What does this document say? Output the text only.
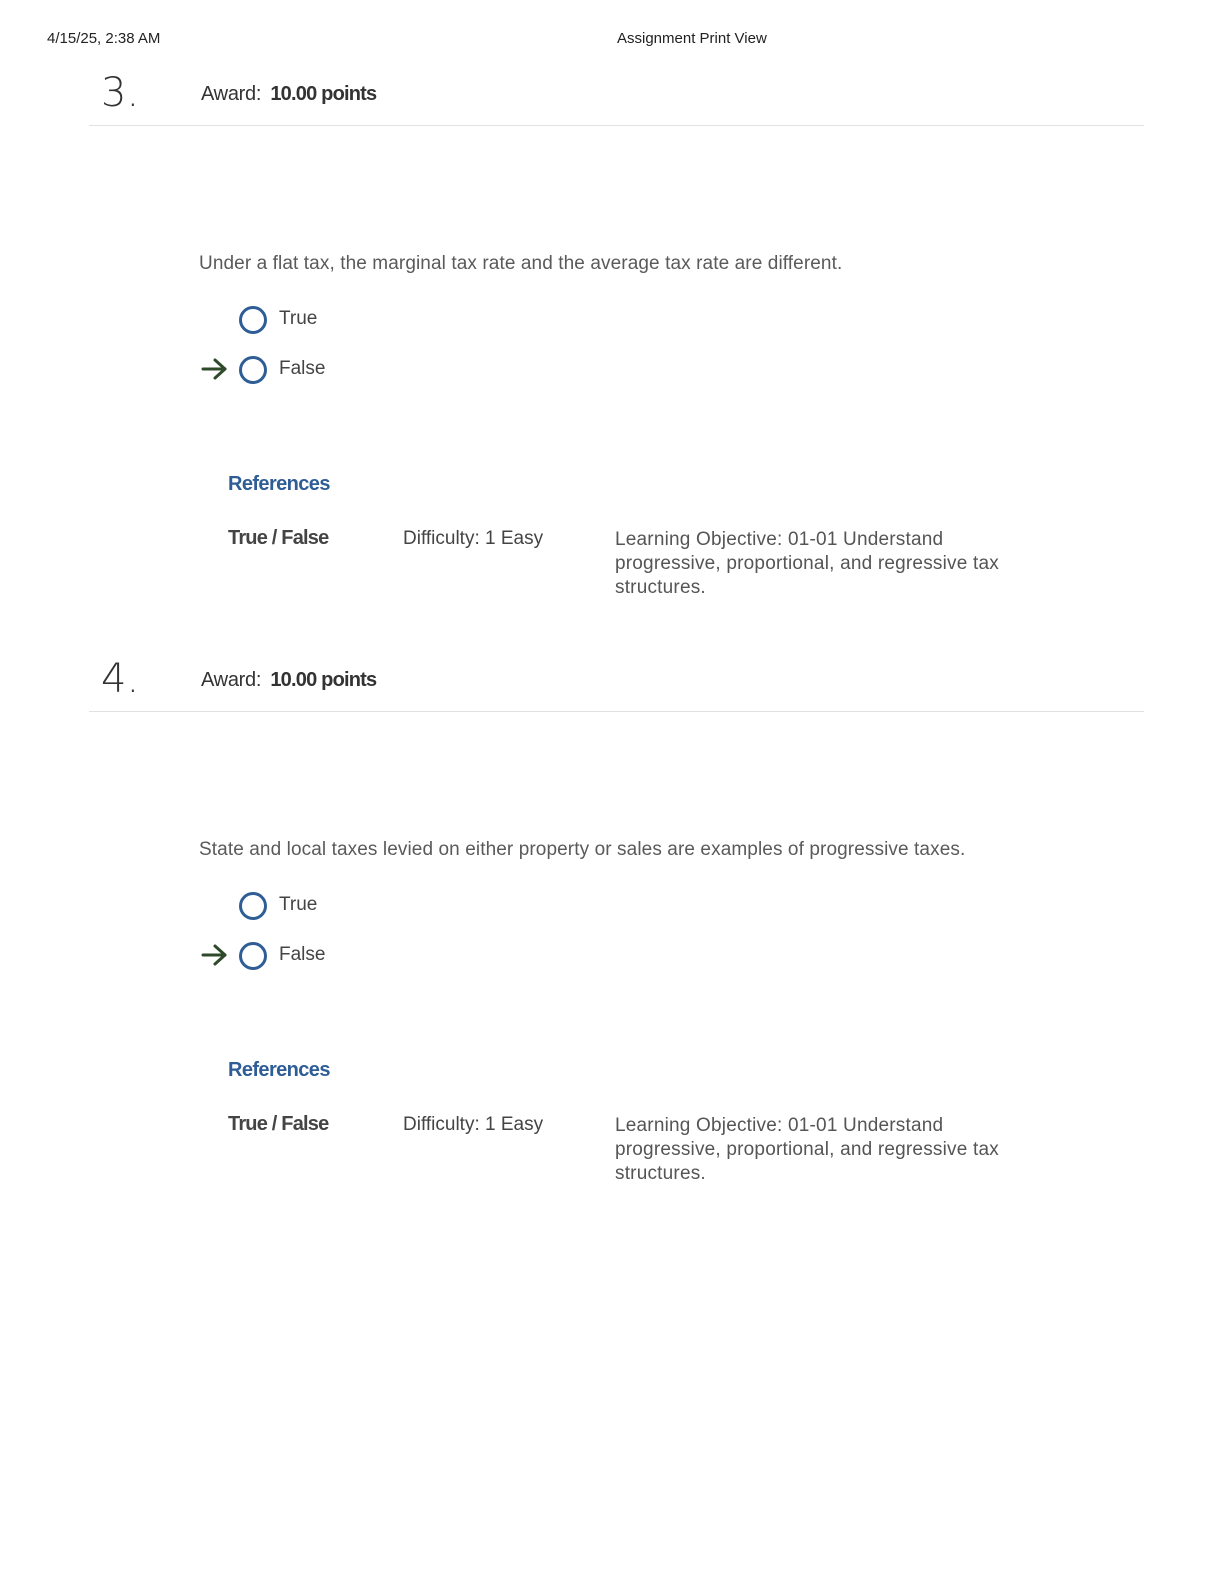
4/15/25, 2:38 AM	Assignment Print View
3.	Award: 10.00 points
Under a flat tax, the marginal tax rate and the average tax rate are different.
True
False
References
True / False	Difficulty: 1 Easy	Learning Objective: 01-01 Understand progressive, proportional, and regressive tax structures.
4.	Award: 10.00 points
State and local taxes levied on either property or sales are examples of progressive taxes.
True
False
References
True / False	Difficulty: 1 Easy	Learning Objective: 01-01 Understand progressive, proportional, and regressive tax structures.
